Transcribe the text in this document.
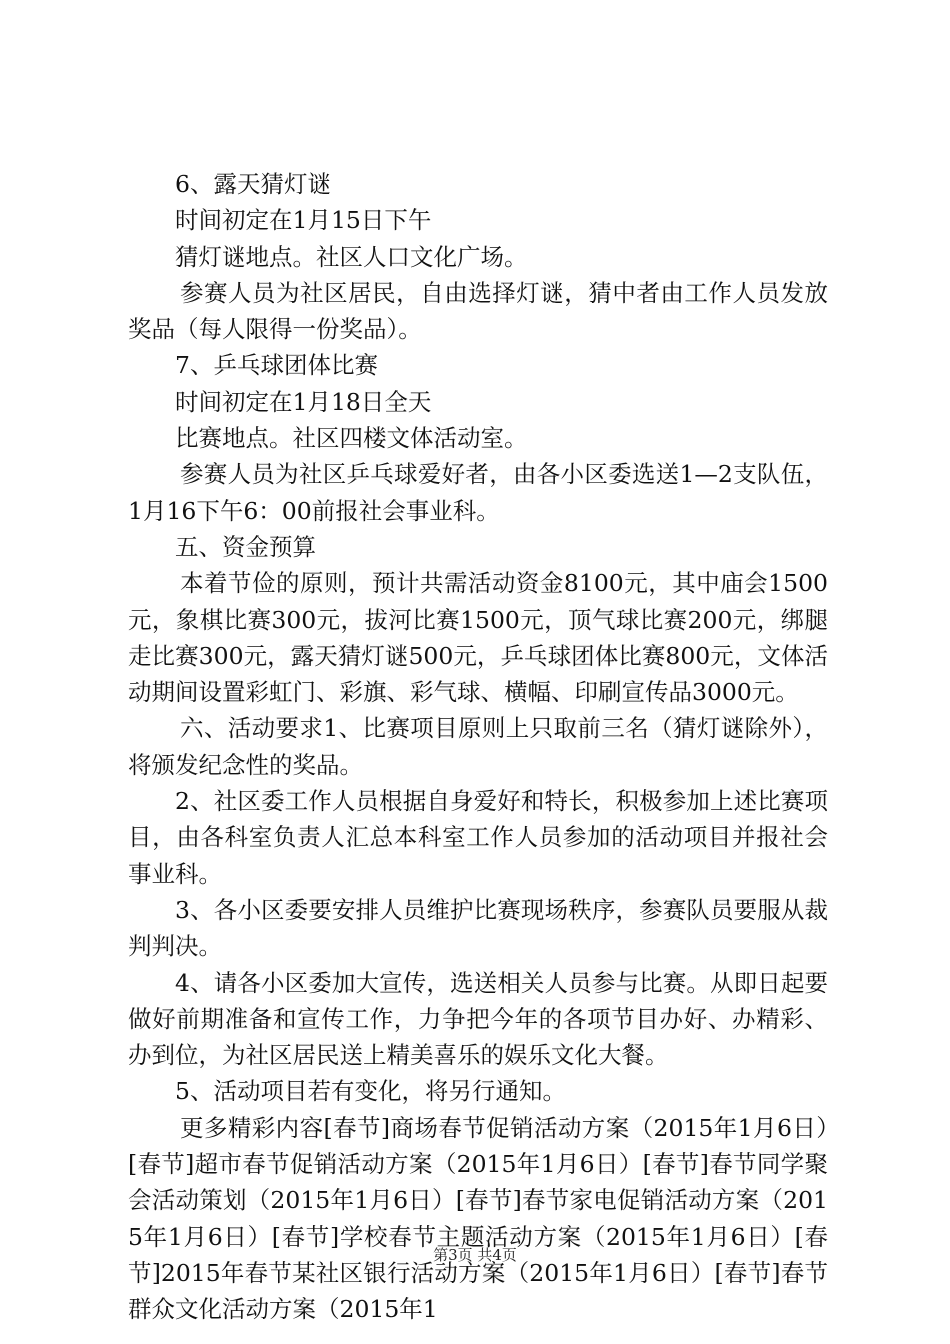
6、露天猜灯谜

时间初定在1月15日下午

猜灯谜地点。社区人口文化广场。

参赛人员为社区居民，自由选择灯谜，猜中者由工作人员发放奖品（每人限得一份奖品）。

7、乒乓球团体比赛

时间初定在1月18日全天

比赛地点。社区四楼文体活动室。

参赛人员为社区乒乓球爱好者，由各小区委选送1—2支队伍，1月16下午6：00前报社会事业科。

五、资金预算

本着节俭的原则，预计共需活动资金8100元，其中庙会1500元，象棋比赛300元，拔河比赛1500元，顶气球比赛200元，绑腿走比赛300元，露天猜灯谜500元，乒乓球团体比赛800元，文体活动期间设置彩虹门、彩旗、彩气球、横幅、印刷宣传品3000元。

六、活动要求1、比赛项目原则上只取前三名（猜灯谜除外），将颁发纪念性的奖品。

2、社区委工作人员根据自身爱好和特长，积极参加上述比赛项目，由各科室负责人汇总本科室工作人员参加的活动项目并报社会事业科。

3、各小区委要安排人员维护比赛现场秩序，参赛队员要服从裁判判决。

4、请各小区委加大宣传，选送相关人员参与比赛。从即日起要做好前期准备和宣传工作，力争把今年的各项节目办好、办精彩、办到位，为社区居民送上精美喜乐的娱乐文化大餐。

5、活动项目若有变化，将另行通知。

更多精彩内容[春节]商场春节促销活动方案（2015年1月6日）[春节]超市春节促销活动方案（2015年1月6日）[春节]春节同学聚会活动策划（2015年1月6日）[春节]春节家电促销活动方案（2015年1月6日）[春节]学校春节主题活动方案（2015年1月6日）[春节]2015年春节某社区银行活动方案（2015年1月6日）[春节]春节群众文化活动方案（2015年1

第3页 共4页
